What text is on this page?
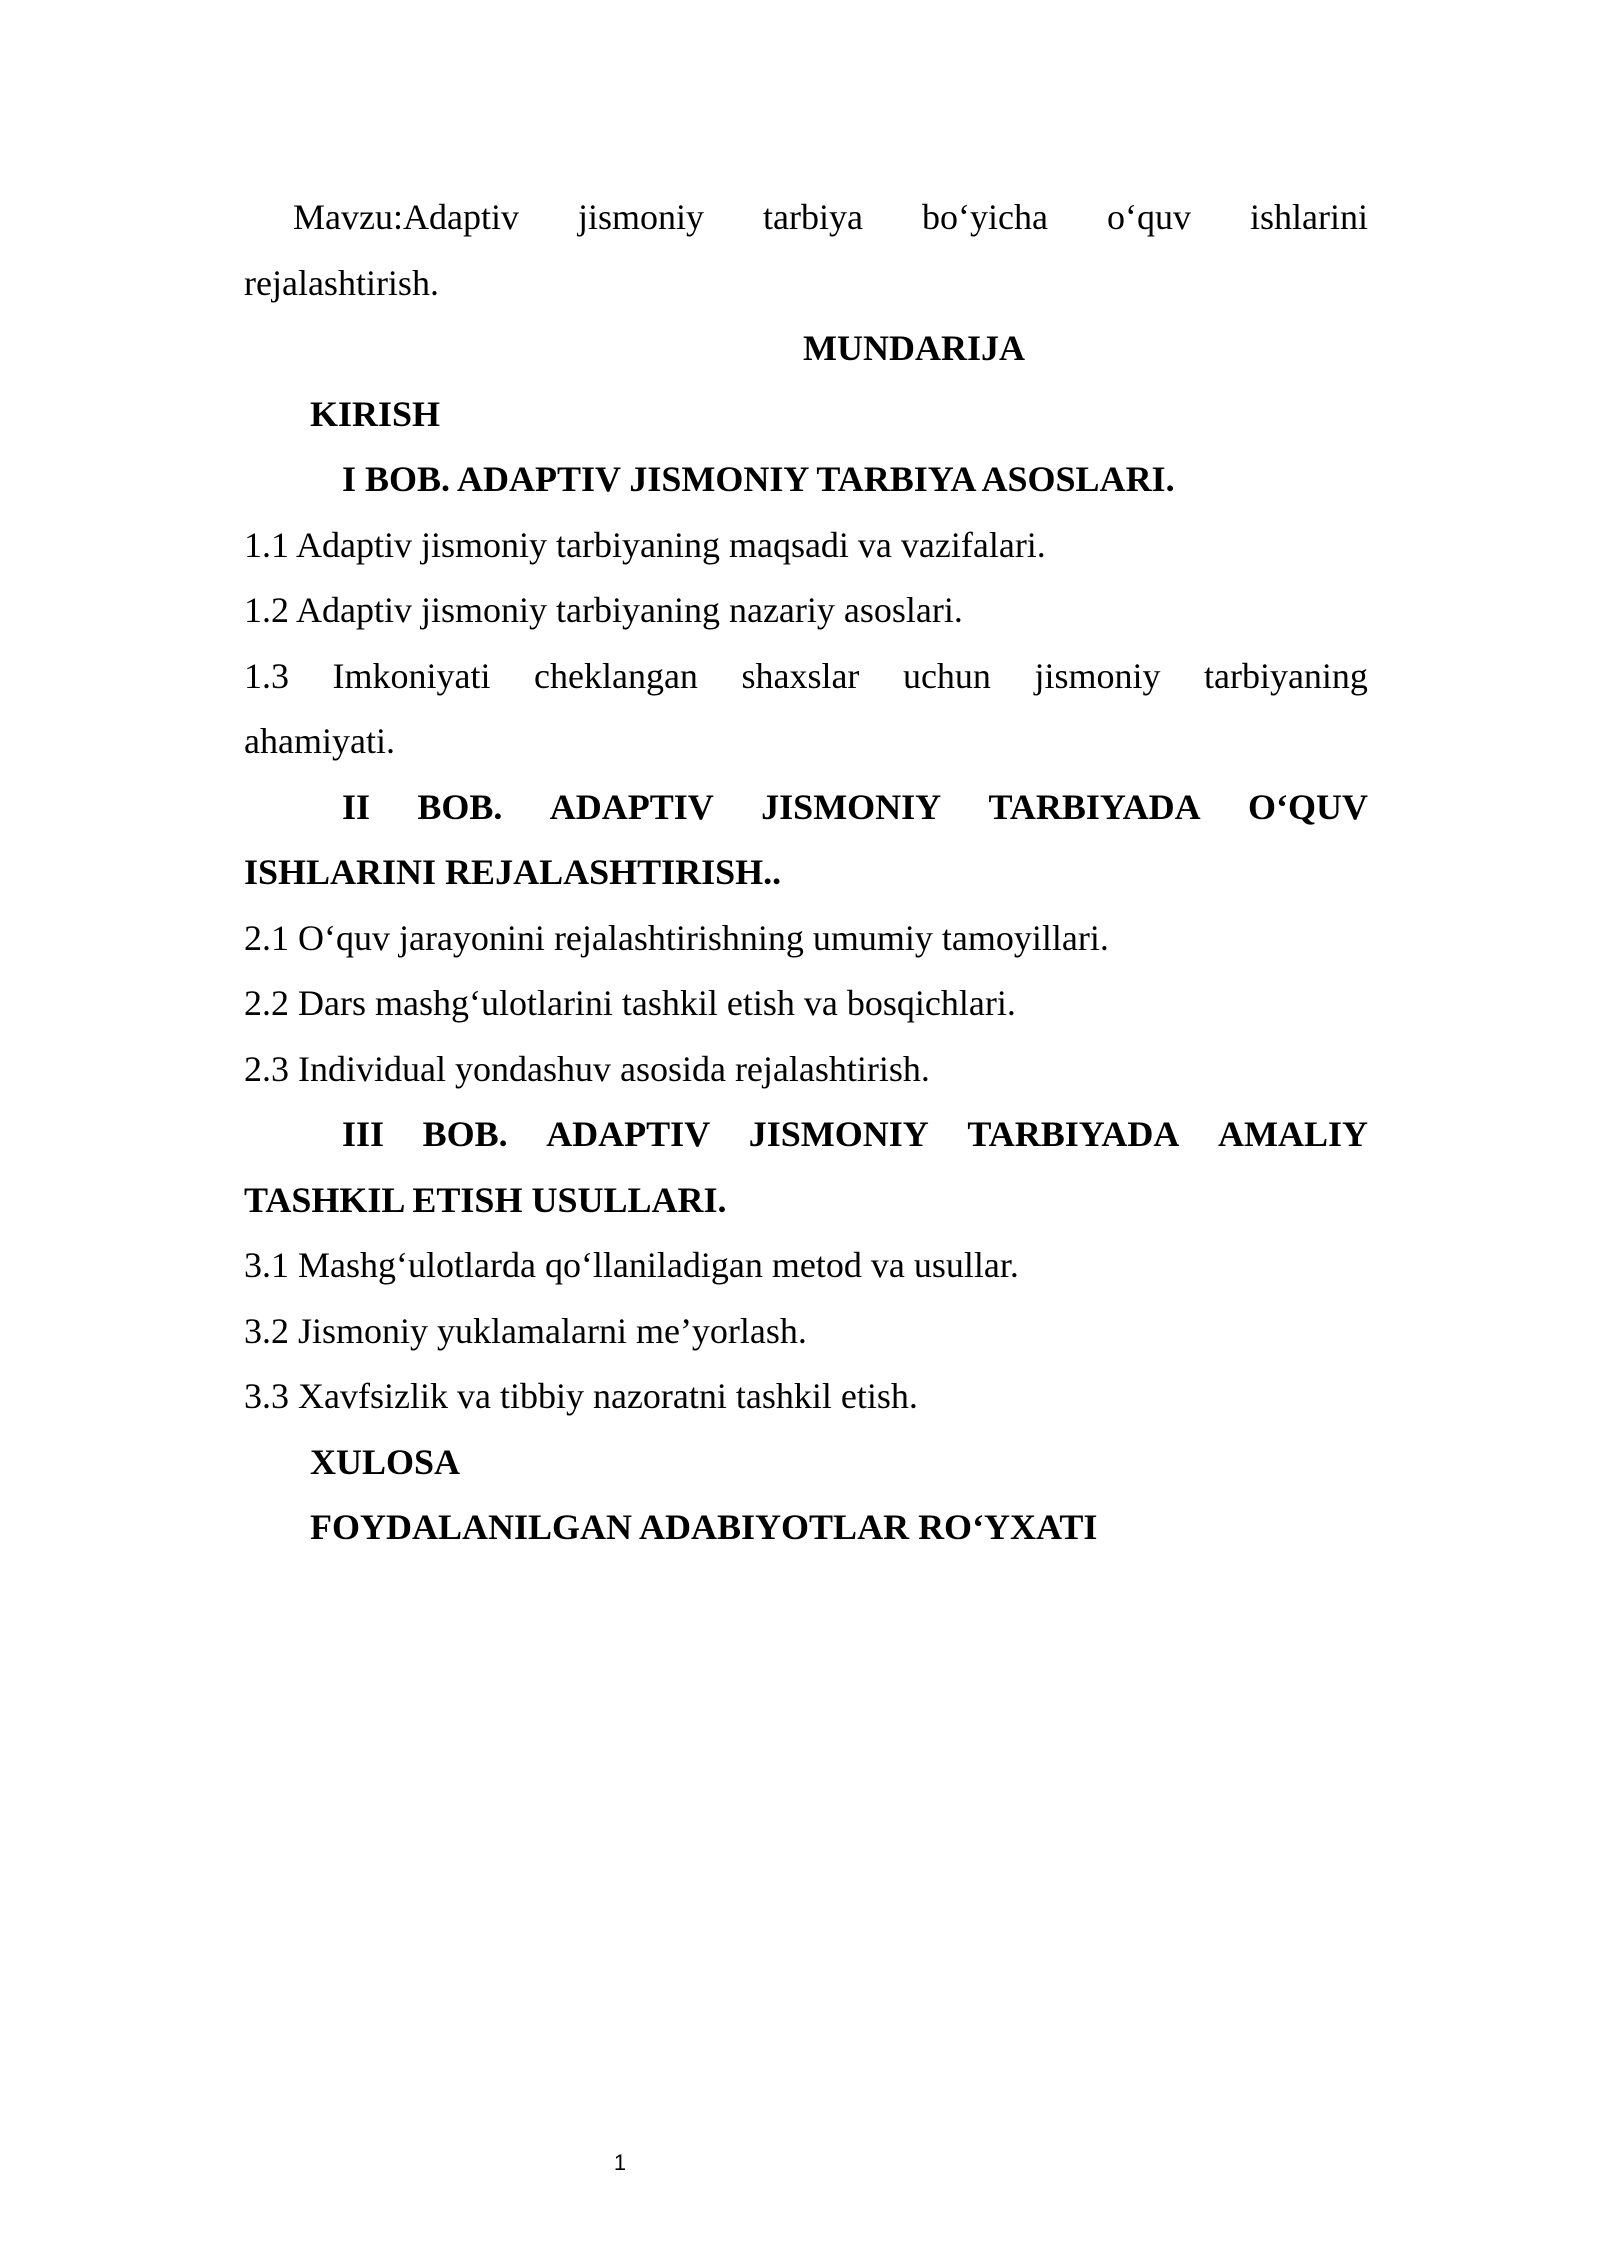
Mavzu:Adaptiv jismoniy tarbiya bo‘yicha o‘quv ishlarini
rejalashtirish.
MUNDARIJA
KIRISH
I BOB. ADAPTIV JISMONIY TARBIYA ASOSLARI.
1.1 Adaptiv jismoniy tarbiyaning maqsadi va vazifalari.
1.2 Adaptiv jismoniy tarbiyaning nazariy asoslari.
1.3 Imkoniyati cheklangan shaxslar uchun jismoniy tarbiyaning
ahamiyati.
II BOB. ADAPTIV JISMONIY TARBIYADA O‘QUV
ISHLARINI REJALASHTIRISH..
2.1 O‘quv jarayonini rejalashtirishning umumiy tamoyillari.
2.2 Dars mashg‘ulotlarini tashkil etish va bosqichlari.
2.3 Individual yondashuv asosida rejalashtirish.
III BOB. ADAPTIV JISMONIY TARBIYADA AMALIY
TASHKIL ETISH USULLARI.
3.1 Mashg‘ulotlarda qo‘llaniladigan metod va usullar.
3.2 Jismoniy yuklamalarni me’yorlash.
3.3 Xavfsizlik va tibbiy nazoratni tashkil etish.
XULOSA
FOYDALANILGAN ADABIYOTLAR RO‘YXATI
1
